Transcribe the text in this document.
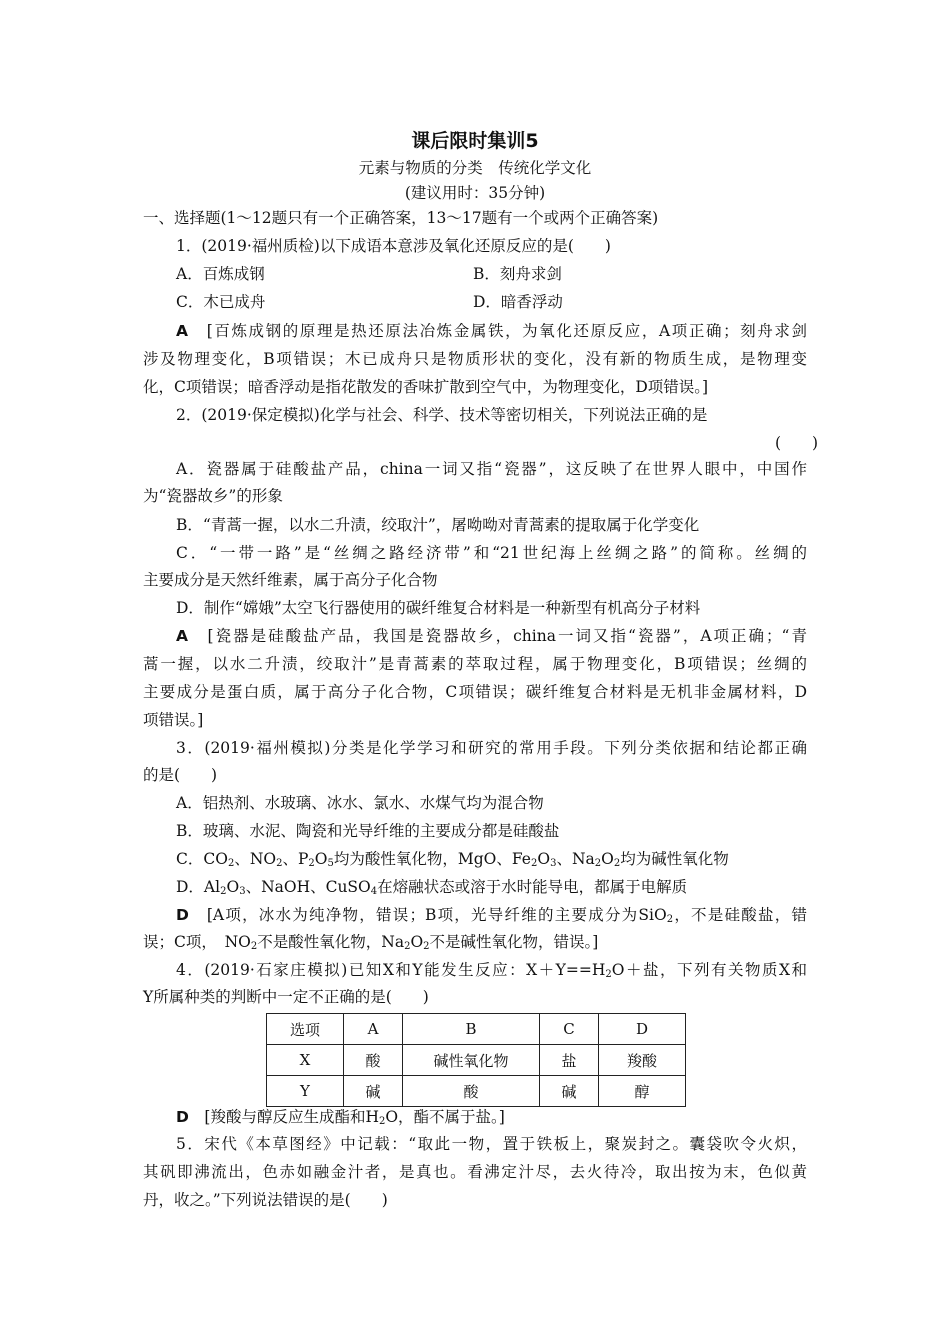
课后限时集训5
元素与物质的分类　传统化学文化
(建议用时：35分钟)
一、选择题(1～12题只有一个正确答案，13～17题有一个或两个正确答案)
1．(2019·福州质检)以下成语本意涉及氧化还原反应的是(　　)
A．百炼成钢	B．刻舟求剑
C．木已成舟	D．暗香浮动
A　 [百炼成钢的原理是热还原法冶炼金属铁，为氧化还原反应，A项正确；刻舟求剑
涉及物理变化，B项错误；木已成舟只是物质形状的变化，没有新的物质生成，是物理变
化，C项错误；暗香浮动是指花散发的香味扩散到空气中，为物理变化，D项错误。]
2．(2019·保定模拟)化学与社会、科学、技术等密切相关，下列说法正确的是
(　　)
A．瓷器属于硅酸盐产品，china一词又指“瓷器”，这反映了在世界人眼中，中国作
为“瓷器故乡”的形象
B．“青蒿一握，以水二升渍，绞取汁”，屠呦呦对青蒿素的提取属于化学变化
C．“一带一路”是“丝绸之路经济带”和“21世纪海上丝绸之路”的简称。丝绸的
主要成分是天然纤维素，属于高分子化合物
D．制作“嫦娥”太空飞行器使用的碳纤维复合材料是一种新型有机高分子材料
A　 [瓷器是硅酸盐产品，我国是瓷器故乡，china一词又指“瓷器”，A项正确；“青
蒿一握，以水二升渍，绞取汁”是青蒿素的萃取过程，属于物理变化，B项错误；丝绸的
主要成分是蛋白质，属于高分子化合物，C项错误；碳纤维复合材料是无机非金属材料，D
项错误。]
3．(2019·福州模拟)分类是化学学习和研究的常用手段。下列分类依据和结论都正确
的是(　　)
A．铝热剂、水玻璃、冰水、氯水、水煤气均为混合物
B．玻璃、水泥、陶瓷和光导纤维的主要成分都是硅酸盐
C．$CO_2$、$NO_2$、$P_2O_5$均为酸性氧化物，MgO、$Fe_2O_3$、$Na_2O_2$均为碱性氧化物
D．$Al_2O_3$、NaOH、CuSO$_4$在熔融状态或溶于水时能导电，都属于电解质
D　 [A项，冰水为纯净物，错误；B项，光导纤维的主要成分为SiO$_2$，不是硅酸盐，错
误；C项，　$NO_2$不是酸性氧化物，$Na_2O_2$不是碱性氧化物，错误。]
4．(2019·石家庄模拟)已知X和Y能发生反应：$X+Y==H_2O+$盐，下列有关物质X和
Y所属种类的判断中一定不正确的是(　　)
选项	A	B	C	D
X	酸	碱性氧化物	盐	羧酸
Y	碱	酸	碱	醇
D　 [羧酸与醇反应生成酯和$H_2O$，酯不属于盐。]
5．宋代《本草图经》中记载：“取此一物，置于铁板上，聚炭封之。囊袋吹令火炽，
其矾即沸流出，色赤如融金汁者，是真也。看沸定汁尽，去火待冷，取出按为末，色似黄
丹，收之。”下列说法错误的是(　　)
